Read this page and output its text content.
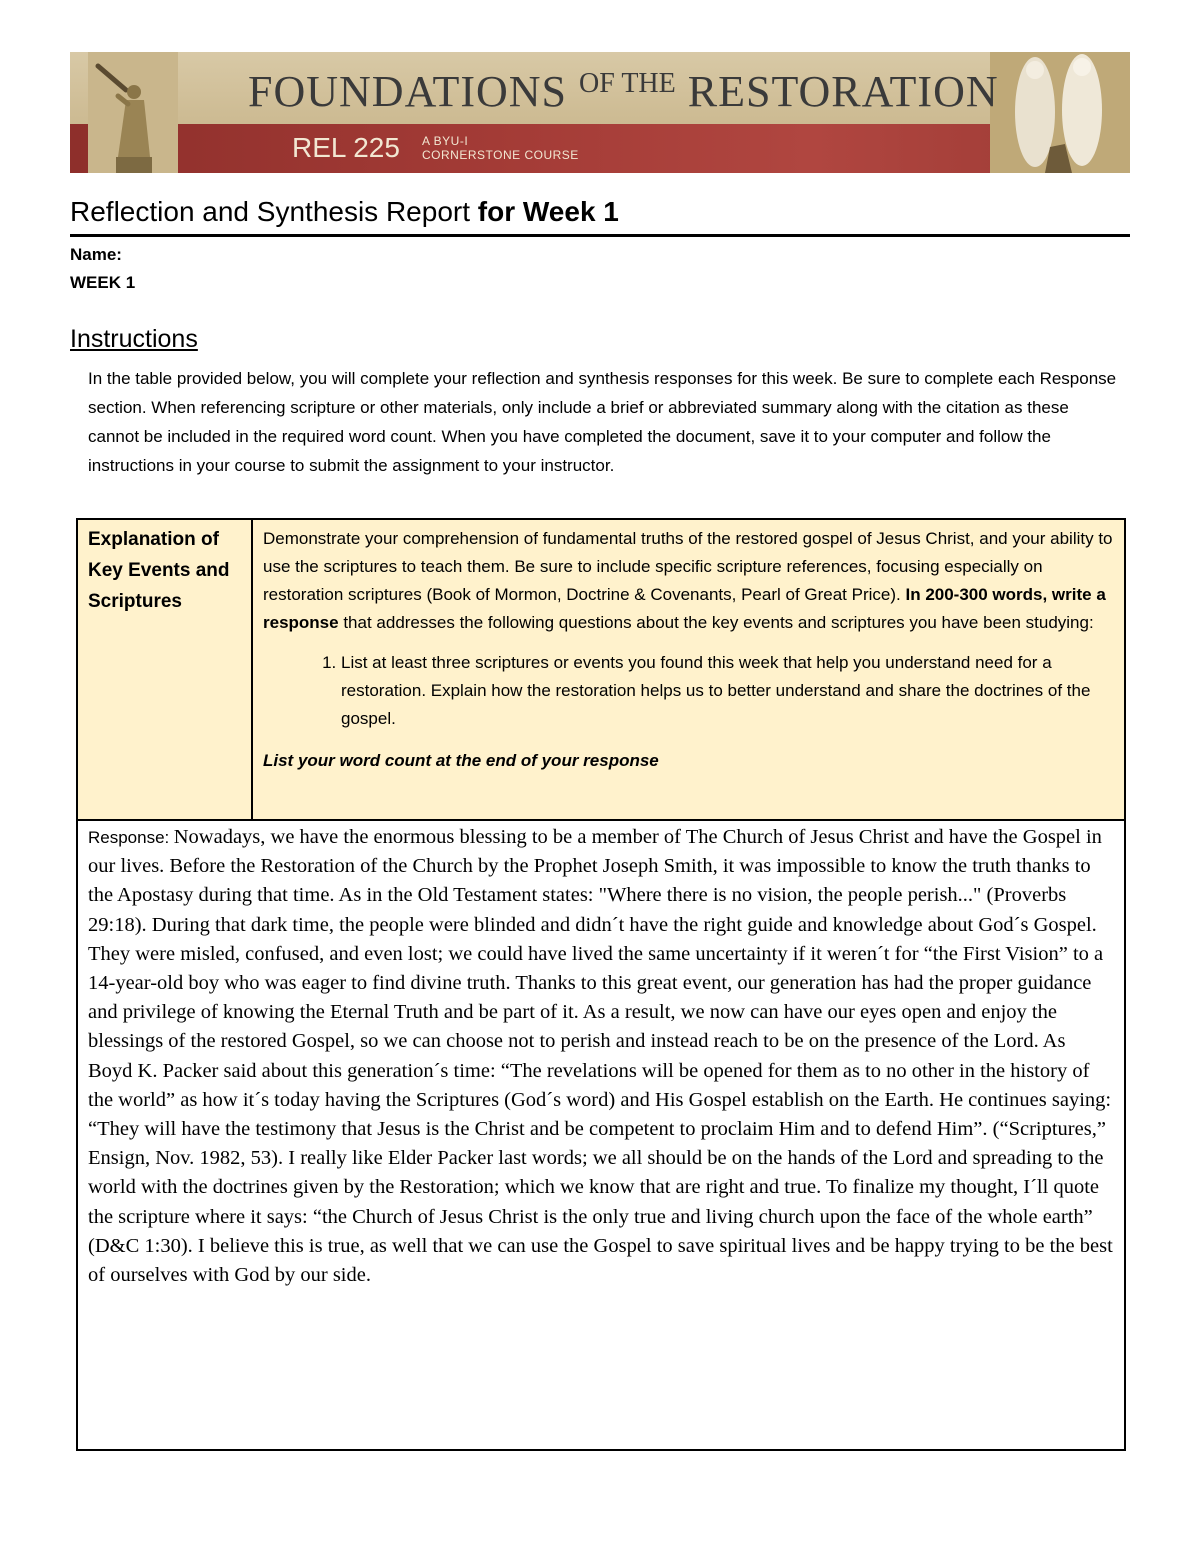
FOUNDATIONS $^{OF THE}$ RESTORATION
REL 225 A BYU-I
CORNERSTONE COURSE
Reflection and Synthesis Report for Week 1
Name:
WEEK 1
Instructions
In the table provided below, you will complete your reflection and synthesis responses for this week. Be sure to complete each Response section. When referencing scripture or other materials, only include a brief or abbreviated summary along with the citation as these cannot be included in the required word count. When you have completed the document, save it to your computer and follow the instructions in your course to submit the assignment to your instructor.
Explanation of Key Events and Scriptures

Demonstrate your comprehension of fundamental truths of the restored gospel of Jesus Christ, and your ability to use the scriptures to teach them. Be sure to include specific scripture references, focusing especially on restoration scriptures (Book of Mormon, Doctrine & Covenants, Pearl of Great Price). In 200-300 words, write a response that addresses the following questions about the key events and scriptures you have been studying:

1. List at least three scriptures or events you found this week that help you understand need for a restoration. Explain how the restoration helps us to better understand and share the doctrines of the gospel.

List your word count at the end of your response

Response: Nowadays, we have the enormous blessing to be a member of The Church of Jesus Christ and have the Gospel in our lives. Before the Restoration of the Church by the Prophet Joseph Smith, it was impossible to know the truth thanks to the Apostasy during that time. As in the Old Testament states: "Where there is no vision, the people perish..." (Proverbs 29:18). During that dark time, the people were blinded and didn´t have the right guide and knowledge about God´s Gospel. They were misled, confused, and even lost; we could have lived the same uncertainty if it weren´t for “the First Vision” to a 14-year-old boy who was eager to find divine truth. Thanks to this great event, our generation has had the proper guidance and privilege of knowing the Eternal Truth and be part of it. As a result, we now can have our eyes open and enjoy the blessings of the restored Gospel, so we can choose not to perish and instead reach to be on the presence of the Lord. As Boyd K. Packer said about this generation´s time: “The revelations will be opened for them as to no other in the history of the world” as how it´s today having the Scriptures (God´s word) and His Gospel establish on the Earth. He continues saying: “They will have the testimony that Jesus is the Christ and be competent to proclaim Him and to defend Him”. (“Scriptures,” Ensign, Nov. 1982, 53). I really like Elder Packer last words; we all should be on the hands of the Lord and spreading to the world with the doctrines given by the Restoration; which we know that are right and true. To finalize my thought, I´ll quote the scripture where it says: “the Church of Jesus Christ is the only true and living church upon the face of the whole earth” (D&C 1:30). I believe this is true, as well that we can use the Gospel to save spiritual lives and be happy trying to be the best of ourselves with God by our side.
